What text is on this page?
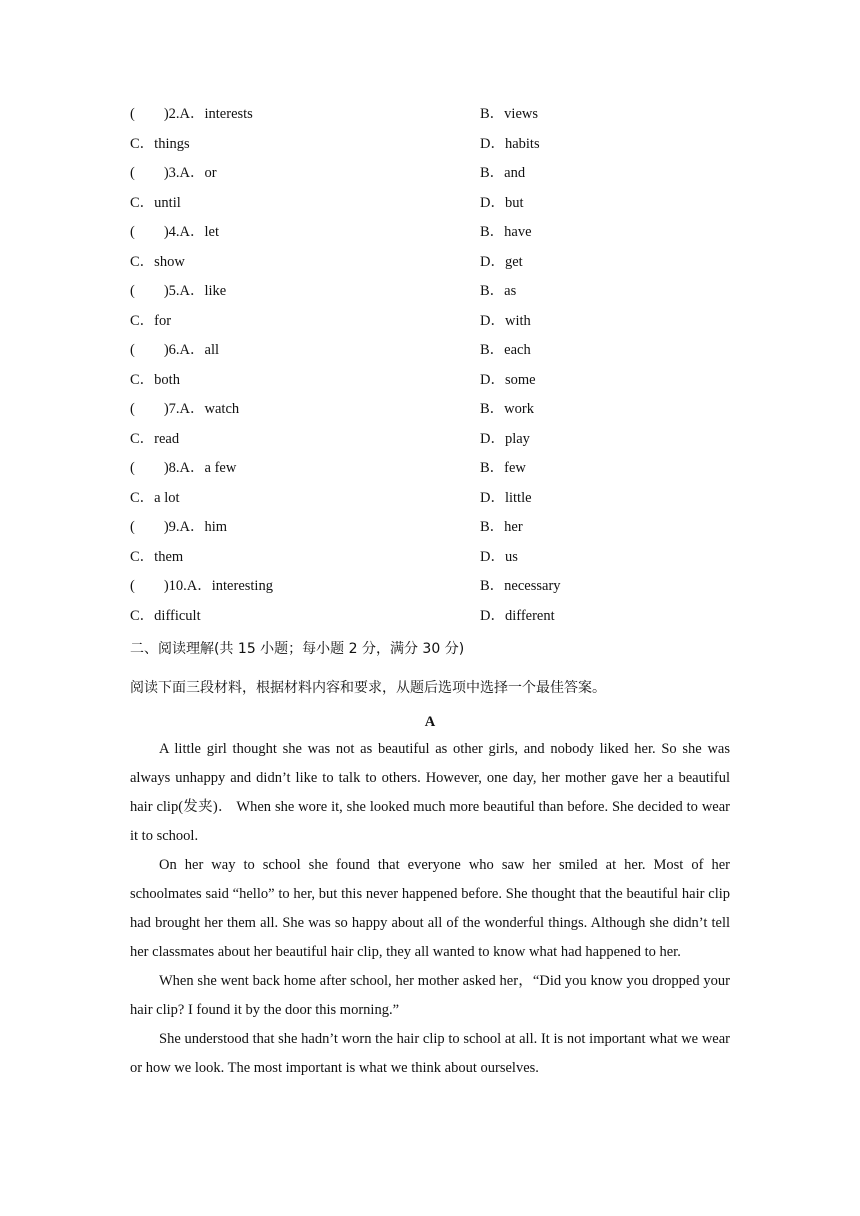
(　　)2.A．interests	B．views
C．things	D．habits
(　　)3.A．or	B．and
C．until	D．but
(　　)4.A．let	B．have
C．show	D．get
(　　)5.A．like	B．as
C．for	D．with
(　　)6.A．all	B．each
C．both	D．some
(　　)7.A．watch	B．work
C．read	D．play
(　　)8.A．a few	B．few
C．a lot	D．little
(　　)9.A．him	B．her
C．them	D．us
(　　)10.A．interesting	B．necessary
C．difficult	D．different
二、阅读理解(共 15 小题；每小题 2 分，满分 30 分)
阅读下面三段材料，根据材料内容和要求，从题后选项中选择一个最佳答案。
A

A little girl thought she was not as beautiful as other girls, and nobody liked her. So she was always unhappy and didn’t like to talk to others. However, one day, her mother gave her a beautiful hair clip(发夹)． When she wore it, she looked much more beautiful than before. She decided to wear it to school.

On her way to school she found that everyone who saw her smiled at her. Most of her schoolmates said “hello” to her, but this never happened before. She thought that the beautiful hair clip had brought her them all. She was so happy about all of the wonderful things. Although she didn’t tell her classmates about her beautiful hair clip, they all wanted to know what had happened to her.

When she went back home after school, her mother asked her，“Did you know you dropped your hair clip? I found it by the door this morning.”

She understood that she hadn’t worn the hair clip to school at all. It is not important what we wear or how we look. The most important is what we think about ourselves.
